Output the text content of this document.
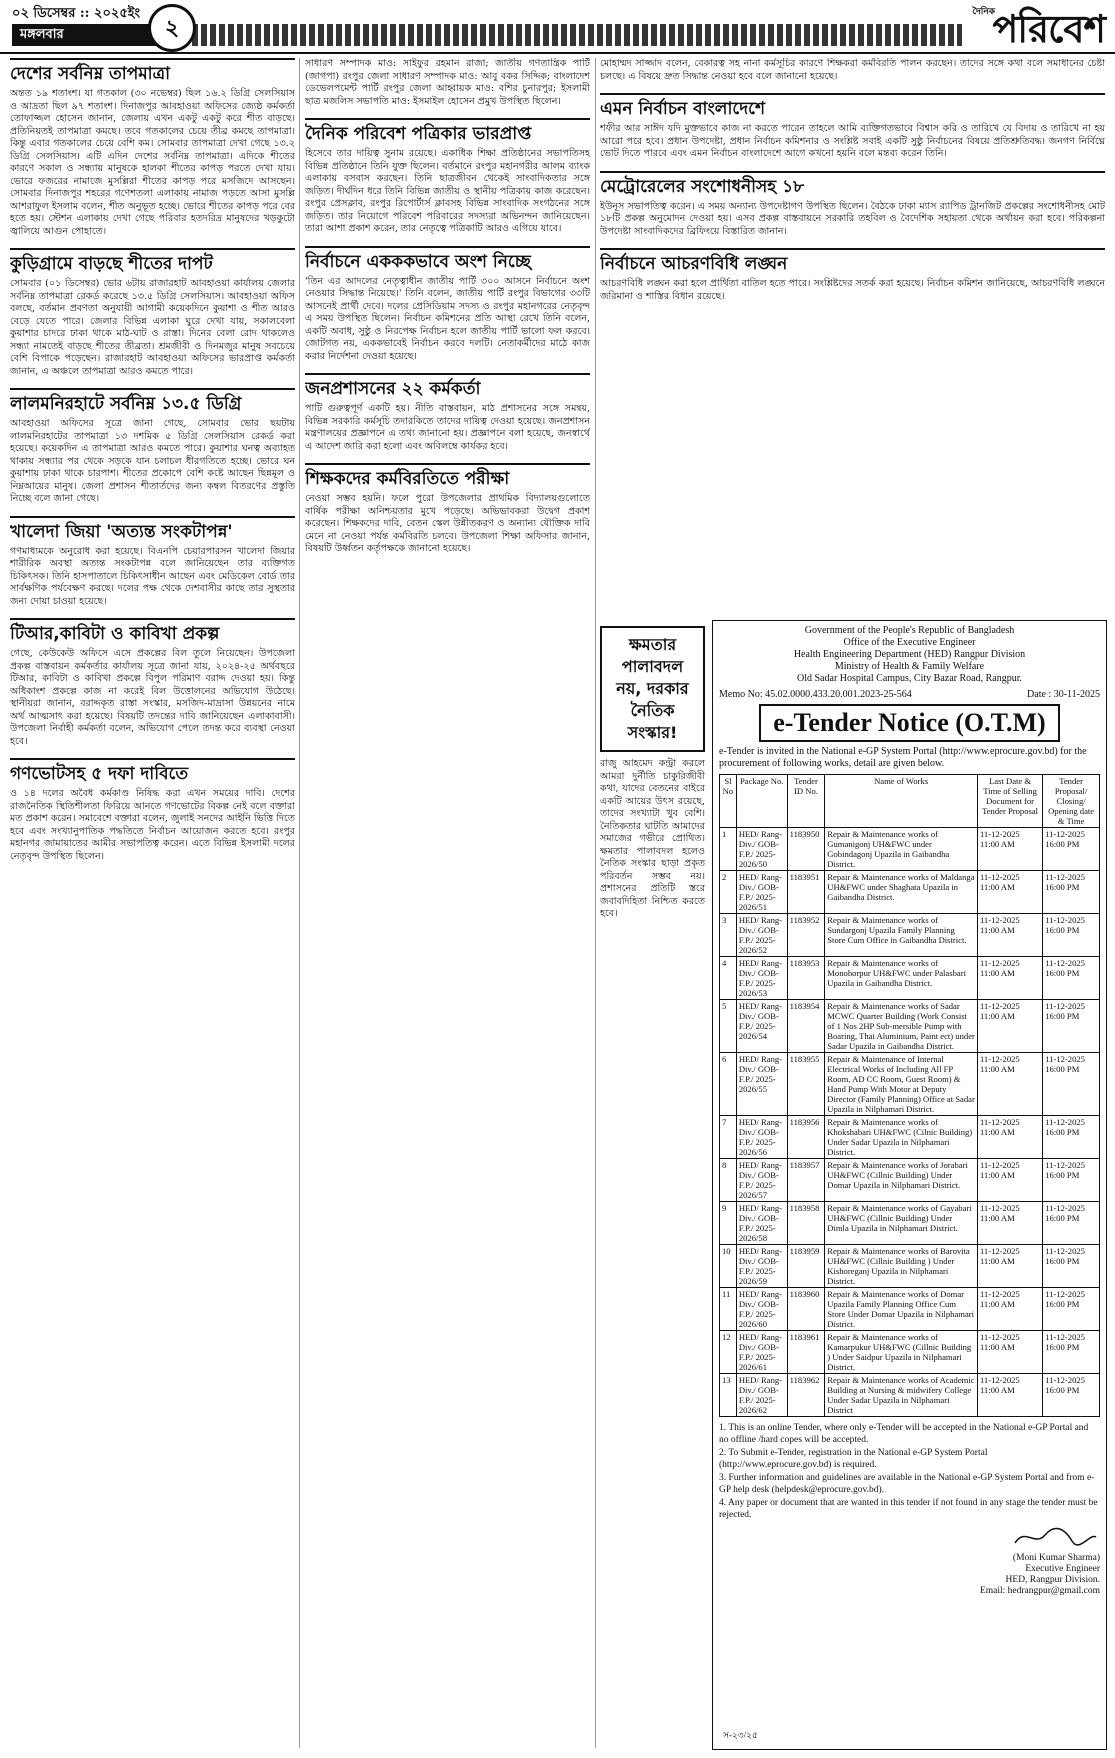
০২ ডিসেম্বর :: ২০২৫ইং
মঙ্গলবার	২
দৈনিক
পরিবেশ
দেশের সর্বনিম্ন তাপমাত্রা

অন্তত ১৯ শতাংশ। যা গতকাল (৩০ নভেম্বর) ছিল ১৬.২ ডিগ্রি সেলসিয়াস ও আদ্রতা ছিল ৯৭ শতাংশ। দিনাজপুর আবহাওয়া অফিসের জ্যেষ্ঠ কর্মকর্তা তোফাজ্জল হোসেন জানান, জেলায় এখন একটু একটু করে শীত বাড়ছে। প্রতিনিয়তই তাপমাত্রা কমছে। তবে গতকালের চেয়ে তীব্র কমছে তাপমাত্রা। কিন্তু এবার গতকালের চেয়ে বেশি কম। সোমবার তাপমাত্রা দেখা গেছে ১৩.২ ডিগ্রি সেলসিয়াস। এটি এদিন দেশের সর্বনিম্ন তাপমাত্রা। এদিকে শীতের কারণে সকাল ও সন্ধ্যায় মানুষকে হালকা শীতের কাপড় পরতে দেখা যায়। ভোরে ফজরের নামাজে মুসল্লিরা শীতের কাপড় পরে মসজিদে আসছেন। সোমবার দিনাজপুর শহরের গণেশতলা এলাকায় নামাজ পড়তে আসা মুসল্লি আশরাফুল ইসলাম বলেন, শীত অনুভূত হচ্ছে। ভোরে শীতের কাপড় পরে বের হতে হয়। স্টেশন এলাকায় দেখা গেছে পরিবার হতদরিদ্র মানুষদের খড়কুটো জ্বালিয়ে আগুন পোহাতে।

কুড়িগ্রামে বাড়ছে শীতের দাপট

সোমবার (০১ ডিসেম্বর) ভোর ৬টায় রাজারহাট আবহাওয়া কার্যালয় জেলার সর্বনিম্ন তাপমাত্রা রেকর্ড করেছে ১৩.৫ ডিগ্রি সেলসিয়াস। আবহাওয়া অফিস বলছে, বর্তমান প্রবণতা অনুযায়ী আগামী কয়েকদিনে কুয়াশা ও শীত আরও বেড়ে যেতে পারে। জেলার বিভিন্ন এলাকা ঘুরে দেখা যায়, সকালবেলা কুয়াশার চাদরে ঢাকা থাকে মাঠ-ঘাট ও রাস্তা। দিনের বেলা রোদ থাকলেও সন্ধ্যা নামতেই বাড়ছে শীতের তীব্রতা। শ্রমজীবী ও দিনমজুর মানুষ সবচেয়ে বেশি বিপাকে পড়েছেন। রাজারহাট আবহাওয়া অফিসের ভারপ্রাপ্ত কর্মকর্তা জানান, এ অঞ্চলে তাপমাত্রা আরও কমতে পারে।

লালমনিরহাটে সর্বনিম্ন ১৩.৫ ডিগ্রি

আবহাওয়া অফিসের সূত্রে জানা গেছে, সোমবার ভোর ছয়টায় লালমনিরহাটের তাপমাত্রা ১৩ দশমিক ৫ ডিগ্রি সেলসিয়াস রেকর্ড করা হয়েছে। কয়েকদিন এ তাপমাত্রা আরও কমতে পারে। কুয়াশার ঘনত্ব অব্যাহত থাকায় সন্ধ্যার পর থেকে সড়কে যান চলাচল ধীরগতিতে হচ্ছে। ভোরে ঘন কুয়াশায় ঢাকা থাকে চারপাশ। শীতের প্রকোপে বেশি কষ্টে আছেন ছিন্নমূল ও নিম্নআয়ের মানুষ। জেলা প্রশাসন শীতার্তদের জন্য কম্বল বিতরণের প্রস্তুতি নিচ্ছে বলে জানা গেছে।

খালেদা জিয়া 'অত্যন্ত সংকটাপন্ন'

গণমাধ্যমকে অনুরোধ করা হয়েছে। বিএনপি চেয়ারপারসন খালেদা জিয়ার শারীরিক অবস্থা অত্যন্ত সংকটাপন্ন বলে জানিয়েছেন তার ব্যক্তিগত চিকিৎসক। তিনি হাসপাতালে চিকিৎসাধীন আছেন এবং মেডিকেল বোর্ড তার সার্বক্ষণিক পর্যবেক্ষণ করছে। দলের পক্ষ থেকে দেশবাসীর কাছে তার সুস্থতার জন্য দোয়া চাওয়া হয়েছে।

টিআর,কাবিটা ও কাবিখা প্রকল্প

গেছে, কেউকেউ অফিসে এসে প্রকল্পের বিল তুলে নিয়েছেন। উপজেলা প্রকল্প বাস্তবায়ন কর্মকর্তার কার্যালয় সূত্রে জানা যায়, ২০২৪-২৫ অর্থবছরে টিআর, কাবিটা ও কাবিখা প্রকল্পে বিপুল পরিমাণ বরাদ্দ দেওয়া হয়। কিন্তু অধিকাংশ প্রকল্পে কাজ না করেই বিল উত্তোলনের অভিযোগ উঠেছে। স্থানীয়রা জানান, বরাদ্দকৃত রাস্তা সংস্কার, মসজিদ-মাদ্রাসা উন্নয়নের নামে অর্থ আত্মসাৎ করা হয়েছে। বিষয়টি তদন্তের দাবি জানিয়েছেন এলাকাবাসী। উপজেলা নির্বাহী কর্মকর্তা বলেন, অভিযোগ পেলে তদন্ত করে ব্যবস্থা নেওয়া হবে।

গণভোটসহ ৫ দফা দাবিতে

ও ১৪ দলের অবৈধ কর্মকাণ্ড নিষিদ্ধ করা এখন সময়ের দাবি। দেশের রাজনৈতিক স্থিতিশীলতা ফিরিয়ে আনতে গণভোটের বিকল্প নেই বলে বক্তারা মত প্রকাশ করেন। সমাবেশে বক্তারা বলেন, জুলাই সনদের আইনি ভিত্তি দিতে হবে এবং সংখ্যানুপাতিক পদ্ধতিতে নির্বাচন আয়োজন করতে হবে। রংপুর মহানগর জামায়াতের আমীর সভাপতিত্ব করেন। এতে বিভিন্ন ইসলামী দলের নেতৃবৃন্দ উপস্থিত ছিলেন।

সাধারণ সম্পাদক মাও: সাইফুর রহমান রাজা; জাতীয় গণতান্ত্রিক পার্টি (জাগপা) রংপুর জেলা সাধারণ সম্পাদক মাও: আবু বকর সিদ্দিক; বাংলাদেশ ডেভেলপমেন্ট পার্টি রংপুর জেলা আহ্বায়ক মাও: বশির চুনারপুর; ইসলামী ছাত্র মজলিস সভাপতি মাও: ইসমাইল হোসেন প্রমুখ উপস্থিত ছিলেন।

দৈনিক পরিবেশ পত্রিকার ভারপ্রাপ্ত

হিসেবে তার দায়িত্ব সুনাম রয়েছে। একাধিক শিক্ষা প্রতিষ্ঠানের সভাপতিসহ বিভিন্ন প্রতিষ্ঠানে তিনি যুক্ত ছিলেন। বর্তমানে রংপুর মহানগরীর আলম ব্যাংক এলাকায় বসবাস করছেন। তিনি ছাত্রজীবন থেকেই সাংবাদিকতার সঙ্গে জড়িত। দীর্ঘদিন ধরে তিনি বিভিন্ন জাতীয় ও স্থানীয় পত্রিকায় কাজ করেছেন। রংপুর প্রেসক্লাব, রংপুর রিপোর্টার্স ক্লাবসহ বিভিন্ন সাংবাদিক সংগঠনের সঙ্গে জড়িত। তার নিয়োগে পরিবেশ পরিবারের সদস্যরা অভিনন্দন জানিয়েছেন। তারা আশা প্রকাশ করেন, তার নেতৃত্বে পত্রিকাটি আরও এগিয়ে যাবে।

নির্বাচনে একককভাবে অংশ নিচ্ছে

'তিন এর আদলের নেতৃত্বাধীন জাতীয় পার্টি ৩০০ আসনে নির্বাচনে অংশ নেওয়ার সিদ্ধান্ত নিয়েছে।' তিনি বলেন, জাতীয় পার্টি রংপুর বিভাগের ৩৩টি আসনেই প্রার্থী দেবে। দলের প্রেসিডিয়াম সদস্য ও রংপুর মহানগরের নেতৃবৃন্দ এ সময় উপস্থিত ছিলেন। নির্বাচন কমিশনের প্রতি আস্থা রেখে তিনি বলেন, একটি অবাধ, সুষ্ঠু ও নিরপেক্ষ নির্বাচন হলে জাতীয় পার্টি ভালো ফল করবে। জোটগত নয়, এককভাবেই নির্বাচন করবে দলটি। নেতাকর্মীদের মাঠে কাজ করার নির্দেশনা দেওয়া হয়েছে।

জনপ্রশাসনের ২২ কর্মকর্তা

পাটি গুরুত্বপূর্ণ একটি হয়। নীতি বাস্তবায়ন, মাঠ প্রশাসনের সঙ্গে সমন্বয়, বিভিন্ন সরকারি কর্মসূচি তদারকিতে তাদের দায়িত্ব দেওয়া হয়েছে। জনপ্রশাসন মন্ত্রণালয়ের প্রজ্ঞাপনে এ তথ্য জানানো হয়। প্রজ্ঞাপনে বলা হয়েছে, জনস্বার্থে এ আদেশ জারি করা হলো এবং অবিলম্বে কার্যকর হবে।

শিক্ষকদের কর্মবিরতিতে পরীক্ষা

নেওয়া সম্ভব হয়নি। ফলে পুরো উপজেলার প্রাথমিক বিদ্যালয়গুলোতে বার্ষিক পরীক্ষা অনিশ্চয়তার মুখে পড়েছে। অভিভাবকরা উদ্বেগ প্রকাশ করেছেন। শিক্ষকদের দাবি, বেতন স্কেল উন্নীতকরণ ও অন্যান্য যৌক্তিক দাবি মেনে না নেওয়া পর্যন্ত কর্মবিরতি চলবে। উপজেলা শিক্ষা অফিসার জানান, বিষয়টি উর্ধ্বতন কর্তৃপক্ষকে জানানো হয়েছে।

মোহাম্মদ সাজ্জাদ বলেন, বেকারত্ব সহ নানা কর্মসূচির কারণে শিক্ষকরা কর্মবিরতি পালন করছেন। তাদের সঙ্গে কথা বলে সমাধানের চেষ্টা চলছে। এ বিষয়ে দ্রুত সিদ্ধান্ত নেওয়া হবে বলে জানানো হয়েছে।

এমন নির্বাচন বাংলাদেশে

শফীর আর সাঈদ যদি মুক্তভাবে কাজ না করতে পারেন তাহলে আমি ব্যক্তিগতভাবে বিশ্বাস করি ও তারিখে যে বিদায় ও তারিখে না হয় আরো পরে হবে। প্রধান উপদেষ্টা, প্রধান নির্বাচন কমিশনার ও সংশ্লিষ্ট সবাই একটি সুষ্ঠু নির্বাচনের বিষয়ে প্রতিশ্রুতিবদ্ধ। জনগণ নির্বিঘ্নে ভোট দিতে পারবে এবং এমন নির্বাচন বাংলাদেশে আগে কখনো হয়নি বলে মন্তব্য করেন তিনি।

মেট্রোরেলের সংশোধনীসহ ১৮

ইউনূস সভাপতিত্ব করেন। এ সময় অন্যান্য উপদেষ্টাগণ উপস্থিত ছিলেন। বৈঠকে ঢাকা ম্যাস র‌্যাপিড ট্রানজিট প্রকল্পের সংশোধনীসহ মোট ১৮টি প্রকল্প অনুমোদন দেওয়া হয়। এসব প্রকল্প বাস্তবায়নে সরকারি তহবিল ও বৈদেশিক সহায়তা থেকে অর্থায়ন করা হবে। পরিকল্পনা উপদেষ্টা সাংবাদিকদের ব্রিফিংয়ে বিস্তারিত জানান।

নির্বাচনে আচরণবিধি লঙ্ঘন

আচরণবিধি লঙ্ঘন করা হলে প্রার্থিতা বাতিল হতে পারে। সংশ্লিষ্টদের সতর্ক করা হয়েছে। নির্বাচন কমিশন জানিয়েছে, আচরণবিধি লঙ্ঘনে জরিমানা ও শাস্তির বিধান রয়েছে।

ক্ষমতার পালাবদল নয়, দরকার নৈতিক সংস্কার!

রাজু আহমেদ কন্ট্রা করলে আমরা দুর্নীতি চাকুরিজীবী কথা, যাদের বেতনের বাইরে একটি আয়ের উৎস রয়েছে, তাদের সংখ্যাটা খুব বেশি। নৈতিকতার ঘাটতি আমাদের সমাজের গভীরে প্রোথিত। ক্ষমতার পালাবদল হলেও নৈতিক সংস্কার ছাড়া প্রকৃত পরিবর্তন সম্ভব নয়। প্রশাসনের প্রতিটি স্তরে জবাবদিহিতা নিশ্চিত করতে হবে।

Government of the People's Republic of Bangladesh
Office of the Executive Engineer
Health Engineering Department (HED) Rangpur Division
Ministry of Health & Family Welfare
Old Sadar Hospital Campus, City Bazar Road, Rangpur.
Memo No: 45.02.0000.433.20.001.2023-25-564	Date : 30-11-2025
e-Tender Notice (O.T.M)
e-Tender is invited in the National e-GP System Portal (http://www.eprocure.gov.bd) for the procurement of following works, detail are given below.
Sl No	Package No.	Tender ID No.	Name of Works	Last Date & Time of Selling Document for Tender Proposal	Tender Proposal/ Closing/ Opening date & Time
1	HED/ Rang-Div./ GOB-F.P./ 2025-2026/50	1183950	Repair & Maintenance works of Gumanigonj UH&FWC under Gobindagonj Upazila in Gaibandha District.	11-12-2025 11:00 AM	11-12-2025 16:00 PM
2	HED/ Rang-Div./ GOB-F.P./ 2025-2026/51	1183951	Repair & Maintenance works of Maldanga UH&FWC under Shaghata Upazila in Gaibandha District.	11-12-2025 11:00 AM	11-12-2025 16:00 PM
3	HED/ Rang-Div./ GOB-F.P./ 2025-2026/52	1183952	Repair & Maintenance works of Sundargonj Upazila Family Planning Store Cum Office in Gaibandha District.	11-12-2025 11:00 AM	11-12-2025 16:00 PM
4	HED/ Rang-Div./ GOB-F.P./ 2025-2026/53	1183953	Repair & Maintenance works of Monohorpur UH&FWC under Palasbari Upazila in Gaibandha District.	11-12-2025 11:00 AM	11-12-2025 16:00 PM
5	HED/ Rang-Div./ GOB-F.P./ 2025-2026/54	1183954	Repair & Maintenance works of Sadar MCWC Quarter Building (Work Consist of 1 Nos 2HP Sub-mersible Pump with Boaring, Thai Aluminium, Paint ect) under Sadar Upazila in Gaibandha District.	11-12-2025 11:00 AM	11-12-2025 16:00 PM
6	HED/ Rang-Div./ GOB-F.P./ 2025-2026/55	1183955	Repair & Maintenance of Internal Electrical Works of Including All FP Room, AD CC Room, Guest Room) & Hand Pump With Motor at Deputy Director (Family Planning) Office at Sadar Upazila in Nilphamari District.	11-12-2025 11:00 AM	11-12-2025 16:00 PM
7	HED/ Rang-Div./ GOB-F.P./ 2025-2026/56	1183956	Repair & Maintenance works of Khokshabari UH&FWC (Cilnic Building) Under Sadar Upazila in Nilphamari District.	11-12-2025 11:00 AM	11-12-2025 16:00 PM
8	HED/ Rang-Div./ GOB-F.P./ 2025-2026/57	1183957	Repair & Maintenance works of Jorabari UH&FWC (Cillnic Building) Under Domar Upazila in Nilphamari District.	11-12-2025 11:00 AM	11-12-2025 16:00 PM
9	HED/ Rang-Div./ GOB-F.P./ 2025-2026/58	1183958	Repair & Maintenance works of Gayabari UH&FWC (Cillnic Building) Under Dimla Upazila in Nilphamari District.	11-12-2025 11:00 AM	11-12-2025 16:00 PM
10	HED/ Rang-Div./ GOB-F.P./ 2025-2026/59	1183959	Repair & Maintenance works of Barovita UH&FWC (Cillnic Building ) Under Kishoreganj Upazila in Nilphamari District.	11-12-2025 11:00 AM	11-12-2025 16:00 PM
11	HED/ Rang-Div./ GOB-F.P./ 2025-2026/60	1183960	Repair & Maintenance works of Domar Upazila Family Planning Office Cum Store Under Domar Upazila in Nilphamari District.	11-12-2025 11:00 AM	11-12-2025 16:00 PM
12	HED/ Rang-Div./ GOB-F.P./ 2025-2026/61	1183961	Repair & Maintenance works of Kamarpukur UH&FWC (Cillnic Building ) Under Saidpur Upazila in Nilphamari District.	11-12-2025 11:00 AM	11-12-2025 16:00 PM
13	HED/ Rang-Div./ GOB-F.P./ 2025-2026/62	1183962	Repair & Maintenance works of Academic Building at Nursing & midwifery College Under Sadar Upazila in Nilphamari District	11-12-2025 11:00 AM	11-12-2025 16:00 PM
1. This is an online Tender, where only e-Tender will be accepted in the National e-GP Portal and no offline /hard copes will be accepted.
2. To Submit e-Tender, registration in the National e-GP System Portal (http://www.eprocure.gov.bd) is required.
3. Further information and guidelines are available in the National e-GP System Portal and from e-GP help desk (helpdesk@eprocure.gov.bd).
4. Any paper or document that are wanted in this tender if not found in any stage the tender must be rejected.
(Moni Kumar Sharma)
Executive Engineer
HED, Rangpur Division.
Email: hedrangpur@gmail.com
স-২৩/২৫
